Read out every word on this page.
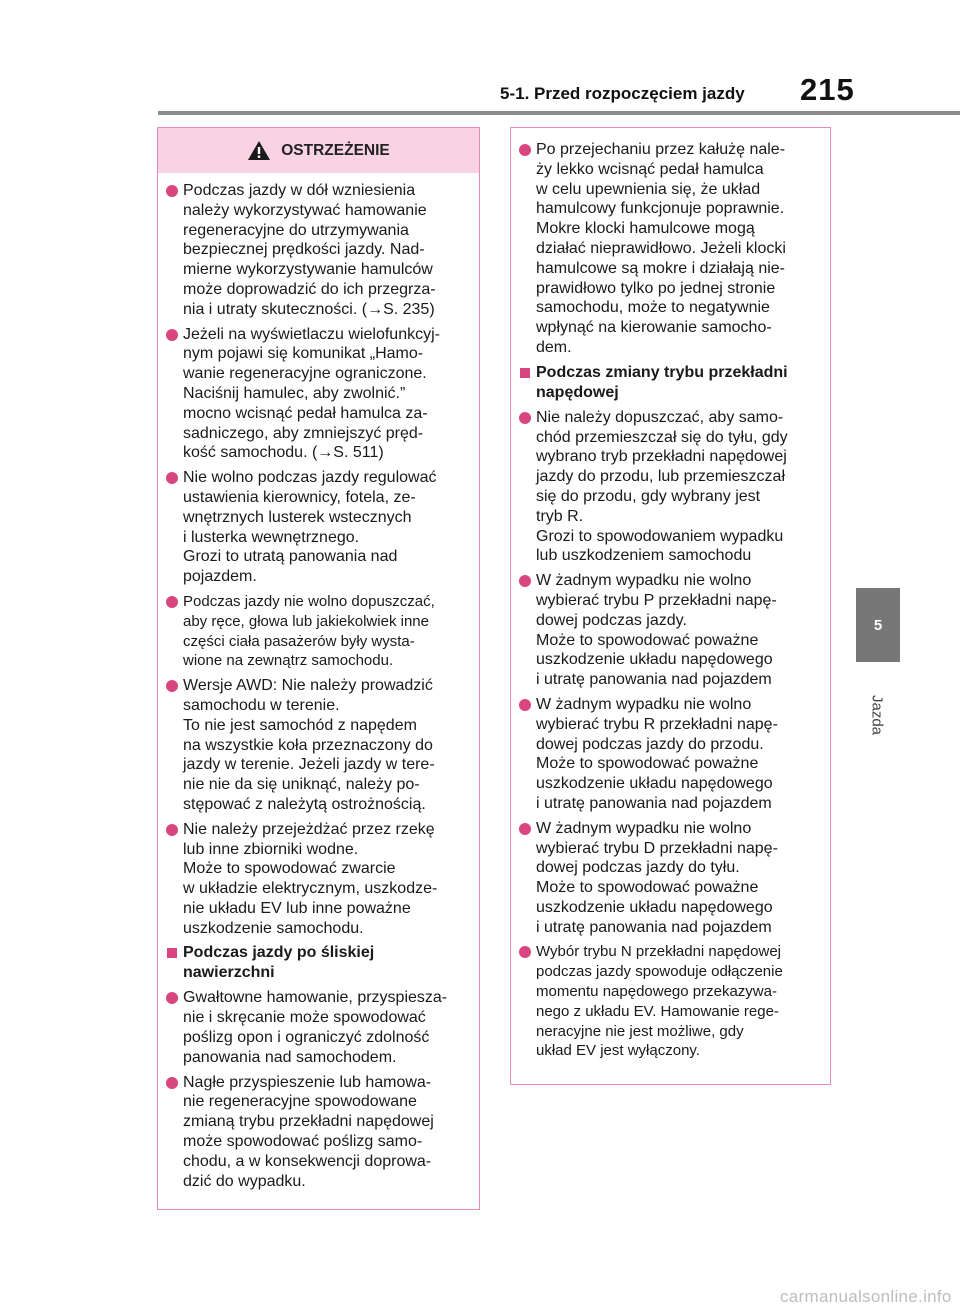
5-1. Przed rozpoczęciem jazdy 215
5
Jazda
OSTRZEŻENIE
Podczas jazdy w dół wzniesienia
należy wykorzystywać hamowanie
regeneracyjne do utrzymywania
bezpiecznej prędkości jazdy. Nad-
mierne wykorzystywanie hamulców
może doprowadzić do ich przegrza-
nia i utraty skuteczności. (→S. 235)
Jeżeli na wyświetlaczu wielofunkcyj-
nym pojawi się komunikat „Hamo-
wanie regeneracyjne ograniczone.
Naciśnij hamulec, aby zwolnić.”
mocno wcisnąć pedał hamulca za-
sadniczego, aby zmniejszyć pręd-
kość samochodu. (→S. 511)
Nie wolno podczas jazdy regulować
ustawienia kierownicy, fotela, ze-
wnętrznych lusterek wstecznych
i lusterka wewnętrznego.
Grozi to utratą panowania nad
pojazdem.
Podczas jazdy nie wolno dopuszczać,
aby ręce, głowa lub jakiekolwiek inne
części ciała pasażerów były wysta-
wione na zewnątrz samochodu.
Wersje AWD: Nie należy prowadzić
samochodu w terenie.
To nie jest samochód z napędem
na wszystkie koła przeznaczony do
jazdy w terenie. Jeżeli jazdy w tere-
nie nie da się uniknąć, należy po-
stępować z należytą ostrożnością.
Nie należy przejeżdżać przez rzekę
lub inne zbiorniki wodne.
Może to spowodować zwarcie
w układzie elektrycznym, uszkodze-
nie układu EV lub inne poważne
uszkodzenie samochodu.
Podczas jazdy po śliskiej
nawierzchni
Gwałtowne hamowanie, przyspiesza-
nie i skręcanie może spowodować
poślizg opon i ograniczyć zdolność
panowania nad samochodem.
Nagłe przyspieszenie lub hamowa-
nie regeneracyjne spowodowane
zmianą trybu przekładni napędowej
może spowodować poślizg samo-
chodu, a w konsekwencji doprowa-
dzić do wypadku.
Po przejechaniu przez kałużę nale-
ży lekko wcisnąć pedał hamulca
w celu upewnienia się, że układ
hamulcowy funkcjonuje poprawnie.
Mokre klocki hamulcowe mogą
działać nieprawidłowo. Jeżeli klocki
hamulcowe są mokre i działają nie-
prawidłowo tylko po jednej stronie
samochodu, może to negatywnie
wpłynąć na kierowanie samocho-
dem.
Podczas zmiany trybu przekładni
napędowej
Nie należy dopuszczać, aby samo-
chód przemieszczał się do tyłu, gdy
wybrano tryb przekładni napędowej
jazdy do przodu, lub przemieszczał
się do przodu, gdy wybrany jest
tryb R.
Grozi to spowodowaniem wypadku
lub uszkodzeniem samochodu
W żadnym wypadku nie wolno
wybierać trybu P przekładni napę-
dowej podczas jazdy.
Może to spowodować poważne
uszkodzenie układu napędowego
i utratę panowania nad pojazdem
W żadnym wypadku nie wolno
wybierać trybu R przekładni napę-
dowej podczas jazdy do przodu.
Może to spowodować poważne
uszkodzenie układu napędowego
i utratę panowania nad pojazdem
W żadnym wypadku nie wolno
wybierać trybu D przekładni napę-
dowej podczas jazdy do tyłu.
Może to spowodować poważne
uszkodzenie układu napędowego
i utratę panowania nad pojazdem
Wybór trybu N przekładni napędowej
podczas jazdy spowoduje odłączenie
momentu napędowego przekazywa-
nego z układu EV. Hamowanie rege-
neracyjne nie jest możliwe, gdy
układ EV jest wyłączony.
carmanualsonline.info
